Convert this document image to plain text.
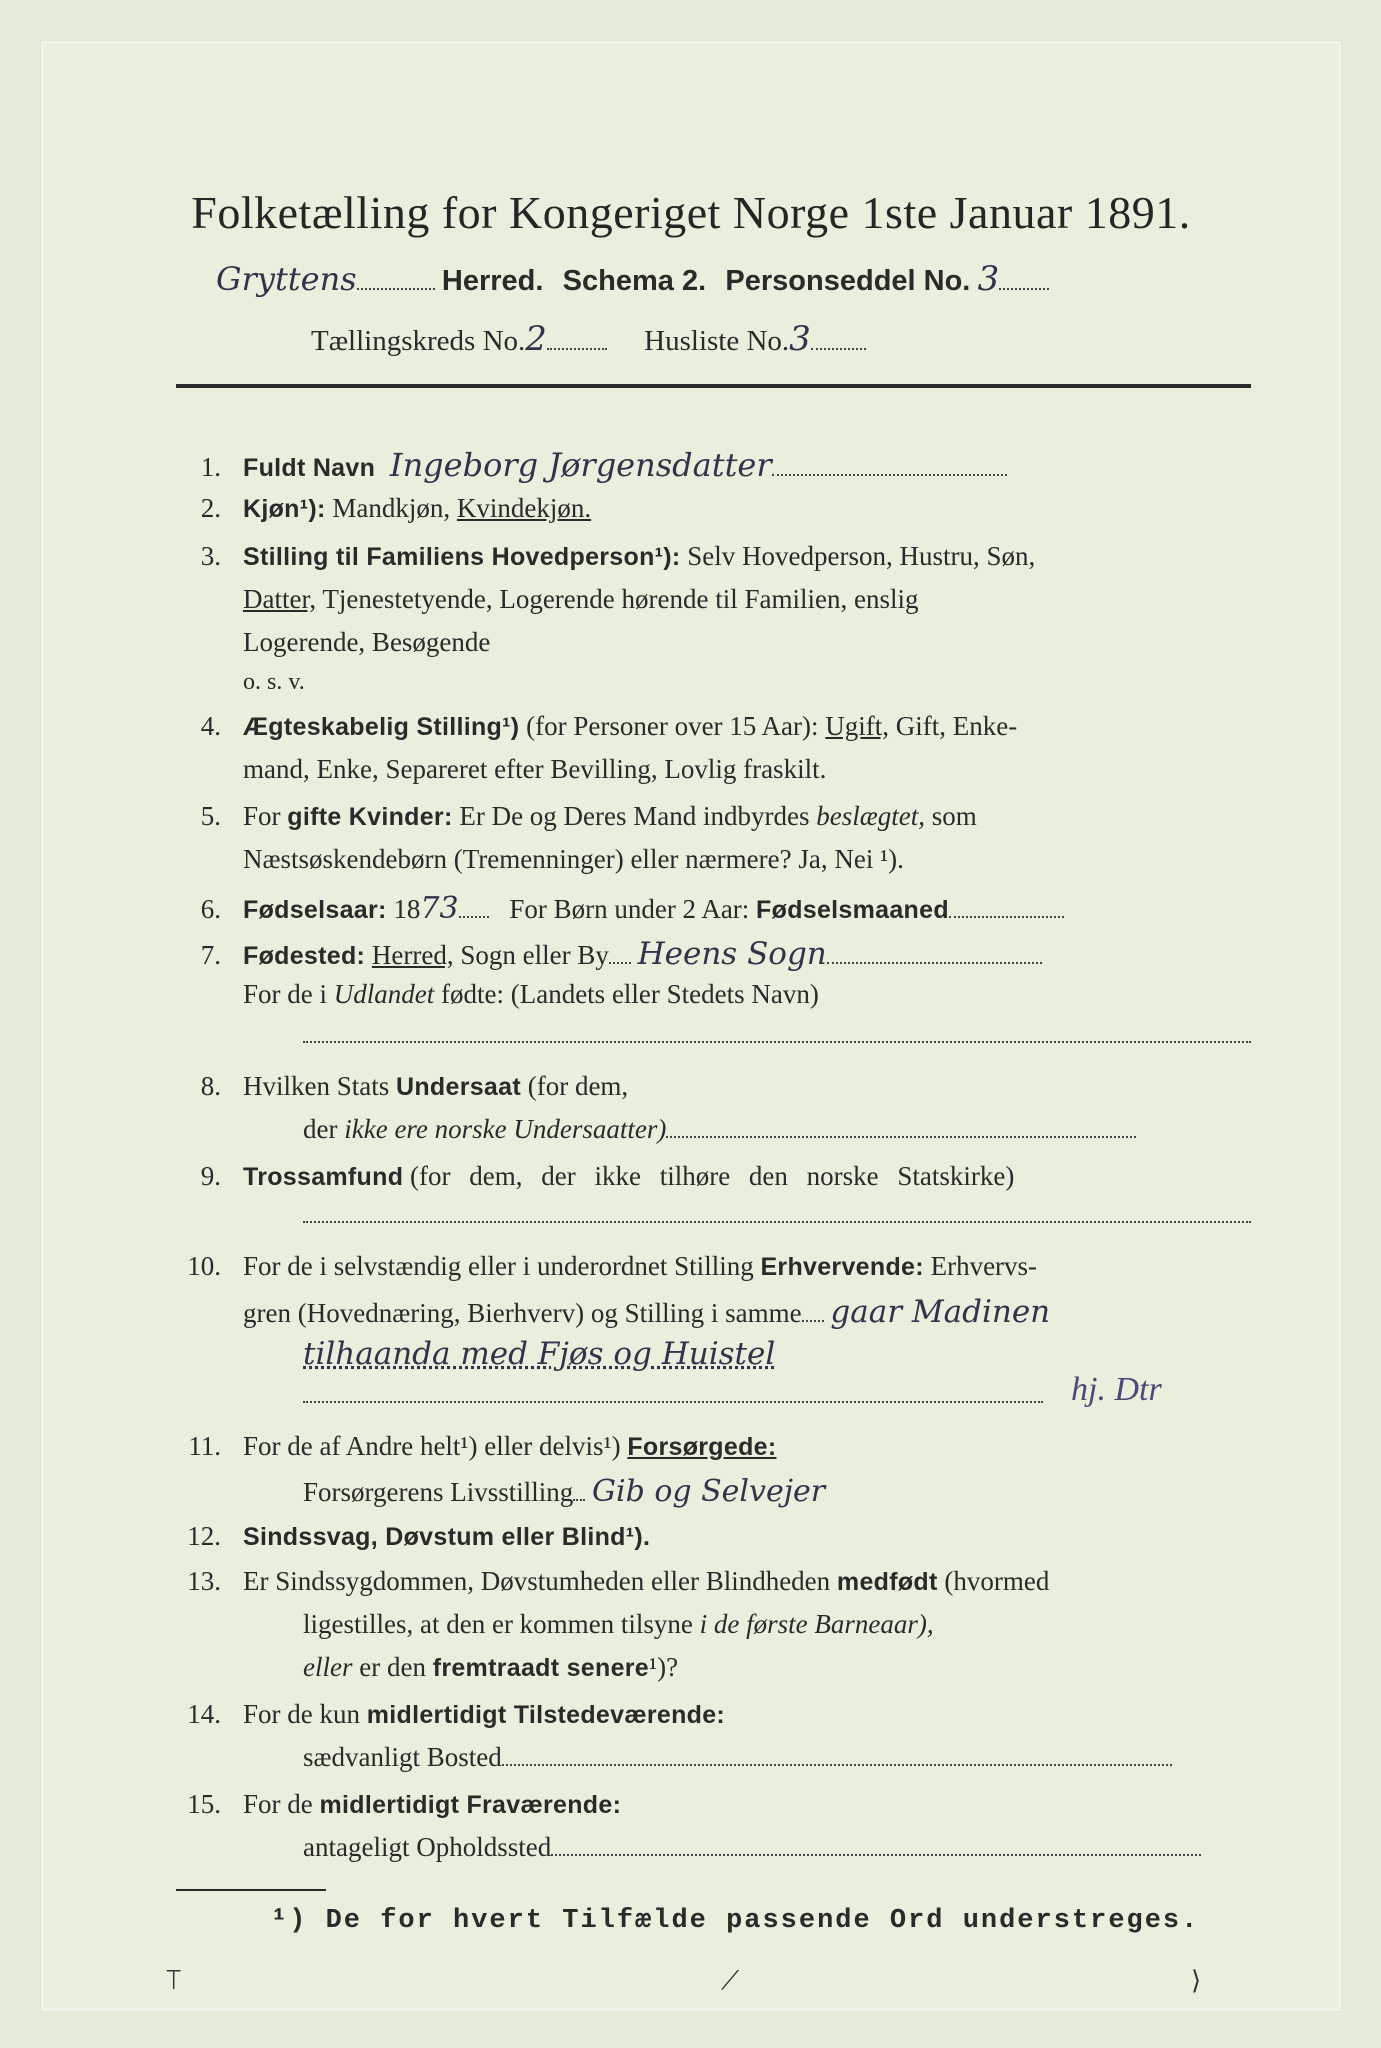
Folketælling for Kongeriget Norge 1ste Januar 1891.
Gryttens	Herred. Schema 2. Personseddel No. 3
Tællingskreds No.2	Husliste No.3
1. Fuldt Navn Ingeborg Jørgensdatter
2. Kjøn¹): Mandkjøn, Kvindekjøn.
3. Stilling til Familiens Hovedperson¹): Selv Hovedperson, Hustru, Søn,
Datter, Tjenestetyende, Logerende hørende til Familien, enslig
Logerende, Besøgende
o. s. v.
4. Ægteskabelig Stilling¹) (for Personer over 15 Aar): Ugift, Gift, Enke-
mand, Enke, Separeret efter Bevilling, Lovlig fraskilt.
5. For gifte Kvinder: Er De og Deres Mand indbyrdes beslægtet, som
Næstsøskendebørn (Tremenninger) eller nærmere? Ja, Nei ¹).
6. Fødselsaar: 1873 For Børn under 2 Aar: Fødselsmaaned
7. Fødested: Herred, Sogn eller By Heens Sogn
For de i Udlandet fødte: (Landets eller Stedets Navn)
8. Hvilken Stats Undersaat (for dem,
der ikke ere norske Undersaatter)
9. Trossamfund (for dem, der ikke tilhøre den norske Statskirke)
10. For de i selvstændig eller i underordnet Stilling Erhvervende: Erhvervs-
gren (Hovednæring, Bierhverv) og Stilling i samme gaar Madinen
tilhaanda med Fjøs og Huistel
hj. Dtr
11. For de af Andre helt¹) eller delvis¹) Forsørgede:
Forsørgerens Livsstilling Gib og Selvejer
12. Sindssvag, Døvstum eller Blind¹).
13. Er Sindssygdommen, Døvstumheden eller Blindheden medfødt (hvormed
ligestilles, at den er kommen tilsyne i de første Barneaar),
eller er den fremtraadt senere¹)?
14. For de kun midlertidigt Tilstedeværende:
sædvanligt Bosted
15. For de midlertidigt Fraværende:
antageligt Opholdssted
¹) De for hvert Tilfælde passende Ord understreges.
⟙	⟋	⟩
